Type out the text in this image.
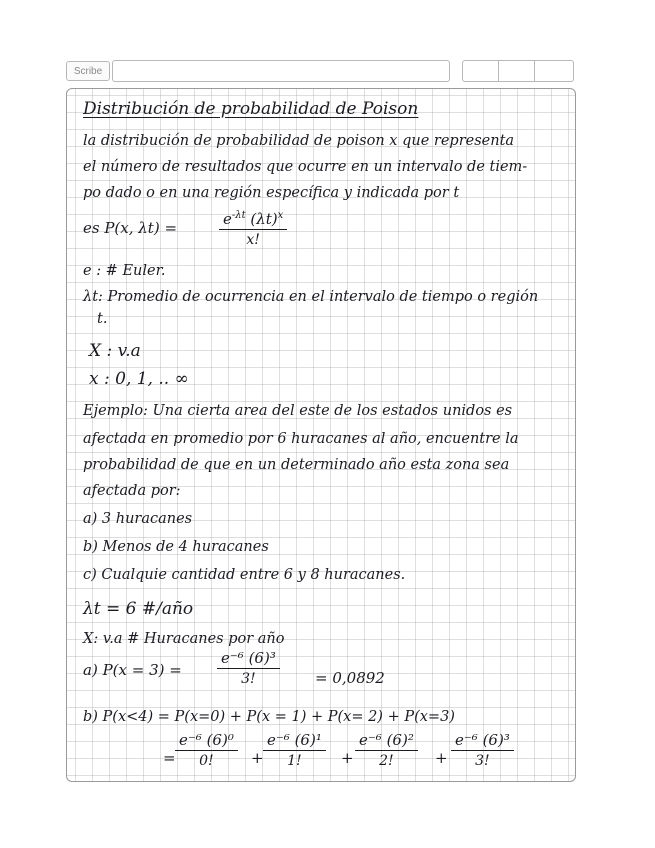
Scribe
Distribución de probabilidad de Poison
la distribución de probabilidad de poison x que representa
el número de resultados que ocurre en un intervalo de tiem-
po dado o en una región específica y indicada por t
es P(x, λt) =	$e^{-\lambda t}$ $(\lambda t)^x$
x!
e : # Euler.
λt: Promedio de ocurrencia en el intervalo de tiempo o región
t.
X : v.a
x : 0, 1, .. ∞
Ejemplo: Una cierta area del este de los estados unidos es
afectada en promedio por 6 huracanes al año, encuentre la
probabilidad de que en un determinado año esta zona sea
afectada por:
a) 3 huracanes
b) Menos de 4 huracanes
c) Cualquie cantidad entre 6 y 8 huracanes.
λt = 6 #/año
X: v.a # Huracanes por año
a) P(x = 3) =
e⁻⁶ (6)³
3!	= 0,0892
b) P(x<4) = P(x=0) + P(x = 1) + P(x= 2) + P(x=3)
=
e⁻⁶ (6)⁰
0! +
e⁻⁶ (6)¹
1!	+
e⁻⁶ (6)²
2!	+
e⁻⁶ (6)³
3!
